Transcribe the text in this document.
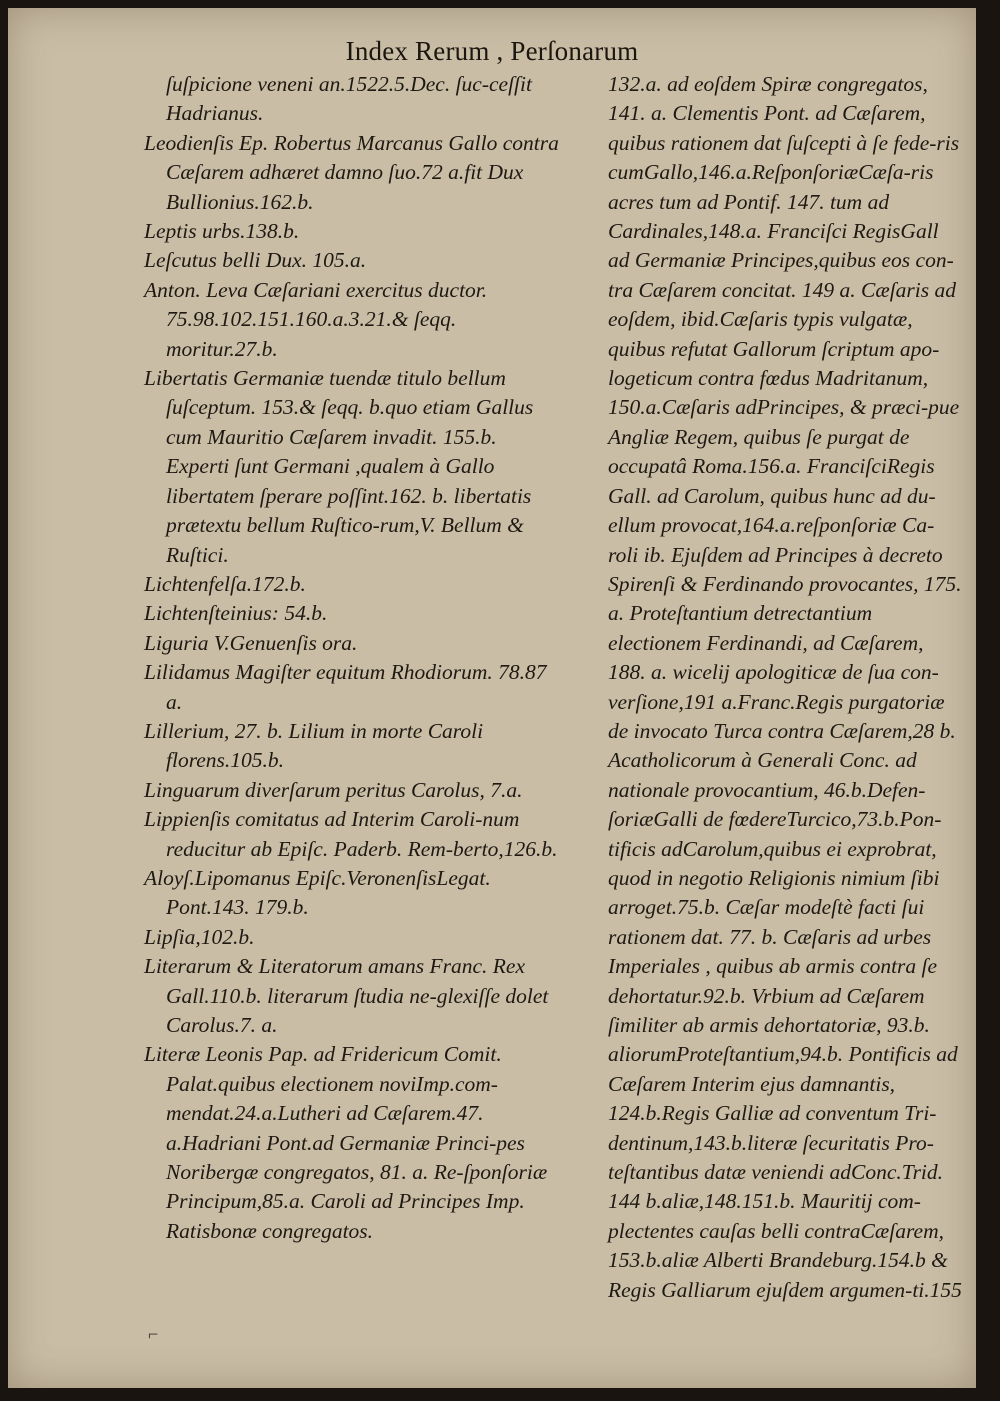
Index Rerum , Perſonarum

ſuſpicione veneni an.1522.5.Dec. ſuc-ceſſit Hadrianus.

Leodienſis Ep. Robertus Marcanus Gallo contra Cæſarem adhæret damno ſuo.72 a.fit Dux Bullionius.162.b.

Leptis urbs.138.b.

Leſcutus belli Dux. 105.a.

Anton. Leva Cæſariani exercitus ductor. 75.98.102.151.160.a.3.21.& ſeqq. moritur.27.b.

Libertatis Germaniæ tuendæ titulo bellum ſuſceptum. 153.& ſeqq. b.quo etiam Gallus cum Mauritio Cæſarem invadit. 155.b. Experti ſunt Germani ,qualem à Gallo libertatem ſperare poſſint.162. b. libertatis prætextu bellum Ruſtico-rum,V. Bellum & Ruſtici.

Lichtenfelſa.172.b.

Lichtenſteinius: 54.b.

Liguria V.Genuenſis ora.

Lilidamus Magiſter equitum Rhodiorum. 78.87 a.

Lillerium, 27. b. Lilium in morte Caroli florens.105.b.

Linguarum diverſarum peritus Carolus, 7.a.

Lippienſis comitatus ad Interim Caroli-num reducitur ab Epiſc. Paderb. Rem-berto,126.b.

Aloyſ.Lipomanus Epiſc.VeronenſisLegat. Pont.143. 179.b.

Lipſia,102.b.

Literarum & Literatorum amans Franc. Rex Gall.110.b. literarum ſtudia ne-glexiſſe dolet Carolus.7. a.

Literæ Leonis Pap. ad Fridericum Comit. Palat.quibus electionem noviImp.com-mendat.24.a.Lutheri ad Cæſarem.47. a.Hadriani Pont.ad Germaniæ Princi-pes Noribergæ congregatos, 81. a. Re-ſponſoriæ Principum,85.a. Caroli ad Principes Imp. Ratisbonæ congregatos.

132.a. ad eoſdem Spiræ congregatos, 141. a. Clementis Pont. ad Cæſarem, quibus rationem dat ſuſcepti à ſe fede-ris cumGallo,146.a.ReſponſoriæCæſa-ris acres tum ad Pontif. 147. tum ad Cardinales,148.a. Franciſci RegisGall ad Germaniæ Principes,quibus eos con-tra Cæſarem concitat. 149 a. Cæſaris ad eoſdem, ibid.Cæſaris typis vulgatæ, quibus refutat Gallorum ſcriptum apo-logeticum contra fœdus Madritanum, 150.a.Cæſaris adPrincipes, & præci-pue Angliæ Regem, quibus ſe purgat de occupatâ Roma.156.a. FranciſciRegis Gall. ad Carolum, quibus hunc ad du-ellum provocat,164.a.reſponſoriæ Ca-roli ib. Ejuſdem ad Principes à decreto Spirenſi & Ferdinando provocantes, 175. a. Proteſtantium detrectantium electionem Ferdinandi, ad Cæſarem, 188. a. wicelij apologiticæ de ſua con-verſione,191 a.Franc.Regis purgatoriæ de invocato Turca contra Cæſarem,28 b. Acatholicorum à Generali Conc. ad nationale provocantium, 46.b.Defen-ſoriæGalli de fœdereTurcico,73.b.Pon-tificis adCarolum,quibus ei exprobrat, quod in negotio Religionis nimium ſibi arroget.75.b. Cæſar modeſtè facti ſui rationem dat. 77. b. Cæſaris ad urbes Imperiales , quibus ab armis contra ſe dehortatur.92.b. Vrbium ad Cæſarem ſimiliter ab armis dehortatoriæ, 93.b. aliorumProteſtantium,94.b. Pontificis ad Cæſarem Interim ejus damnantis, 124.b.Regis Galliæ ad conventum Tri-dentinum,143.b.literæ ſecuritatis Pro-teſtantibus datæ veniendi adConc.Trid. 144 b.aliæ,148.151.b. Mauritij com-plectentes cauſas belli contraCæſarem, 153.b.aliæ Alberti Brandeburg.154.b & Regis Galliarum ejuſdem argumen-ti.155

⌐
